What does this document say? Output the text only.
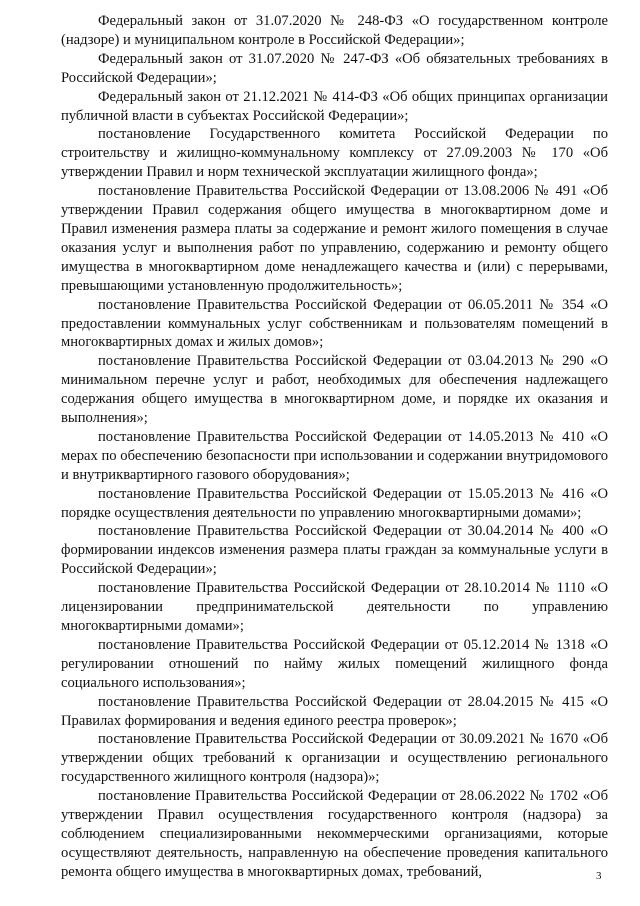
Федеральный закон от 31.07.2020 № 248-ФЗ «О государственном контроле (надзоре) и муниципальном контроле в Российской Федерации»;

Федеральный закон от 31.07.2020 № 247-ФЗ «Об обязательных требованиях в Российской Федерации»;

Федеральный закон от 21.12.2021 № 414-ФЗ «Об общих принципах организации публичной власти в субъектах Российской Федерации»;

постановление Государственного комитета Российской Федерации по строительству и жилищно-коммунальному комплексу от 27.09.2003 № 170 «Об утверждении Правил и норм технической эксплуатации жилищного фонда»;

постановление Правительства Российской Федерации от 13.08.2006 № 491 «Об утверждении Правил содержания общего имущества в многоквартирном доме и Правил изменения размера платы за содержание и ремонт жилого помещения в случае оказания услуг и выполнения работ по управлению, содержанию и ремонту общего имущества в многоквартирном доме ненадлежащего качества и (или) с перерывами, превышающими установленную продолжительность»;

постановление Правительства Российской Федерации от 06.05.2011 № 354 «О предоставлении коммунальных услуг собственникам и пользователям помещений в многоквартирных домах и жилых домов»;

постановление Правительства Российской Федерации от 03.04.2013 № 290 «О минимальном перечне услуг и работ, необходимых для обеспечения надлежащего содержания общего имущества в многоквартирном доме, и порядке их оказания и выполнения»;

постановление Правительства Российской Федерации от 14.05.2013 № 410 «О мерах по обеспечению безопасности при использовании и содержании внутридомового и внутриквартирного газового оборудования»;

постановление Правительства Российской Федерации от 15.05.2013 № 416 «О порядке осуществления деятельности по управлению многоквартирными домами»;

постановление Правительства Российской Федерации от 30.04.2014 № 400 «О формировании индексов изменения размера платы граждан за коммунальные услуги в Российской Федерации»;

постановление Правительства Российской Федерации от 28.10.2014 № 1110 «О лицензировании предпринимательской деятельности по управлению многоквартирными домами»;

постановление Правительства Российской Федерации от 05.12.2014 № 1318 «О регулировании отношений по найму жилых помещений жилищного фонда социального использования»;

постановление Правительства Российской Федерации от 28.04.2015 № 415 «О Правилах формирования и ведения единого реестра проверок»;

постановление Правительства Российской Федерации от 30.09.2021 № 1670 «Об утверждении общих требований к организации и осуществлению регионального государственного жилищного контроля (надзора)»;

постановление Правительства Российской Федерации от 28.06.2022 № 1702 «Об утверждении Правил осуществления государственного контроля (надзора) за соблюдением специализированными некоммерческими организациями, которые осуществляют деятельность, направленную на обеспечение проведения капитального ремонта общего имущества в многоквартирных домах, требований,	3
